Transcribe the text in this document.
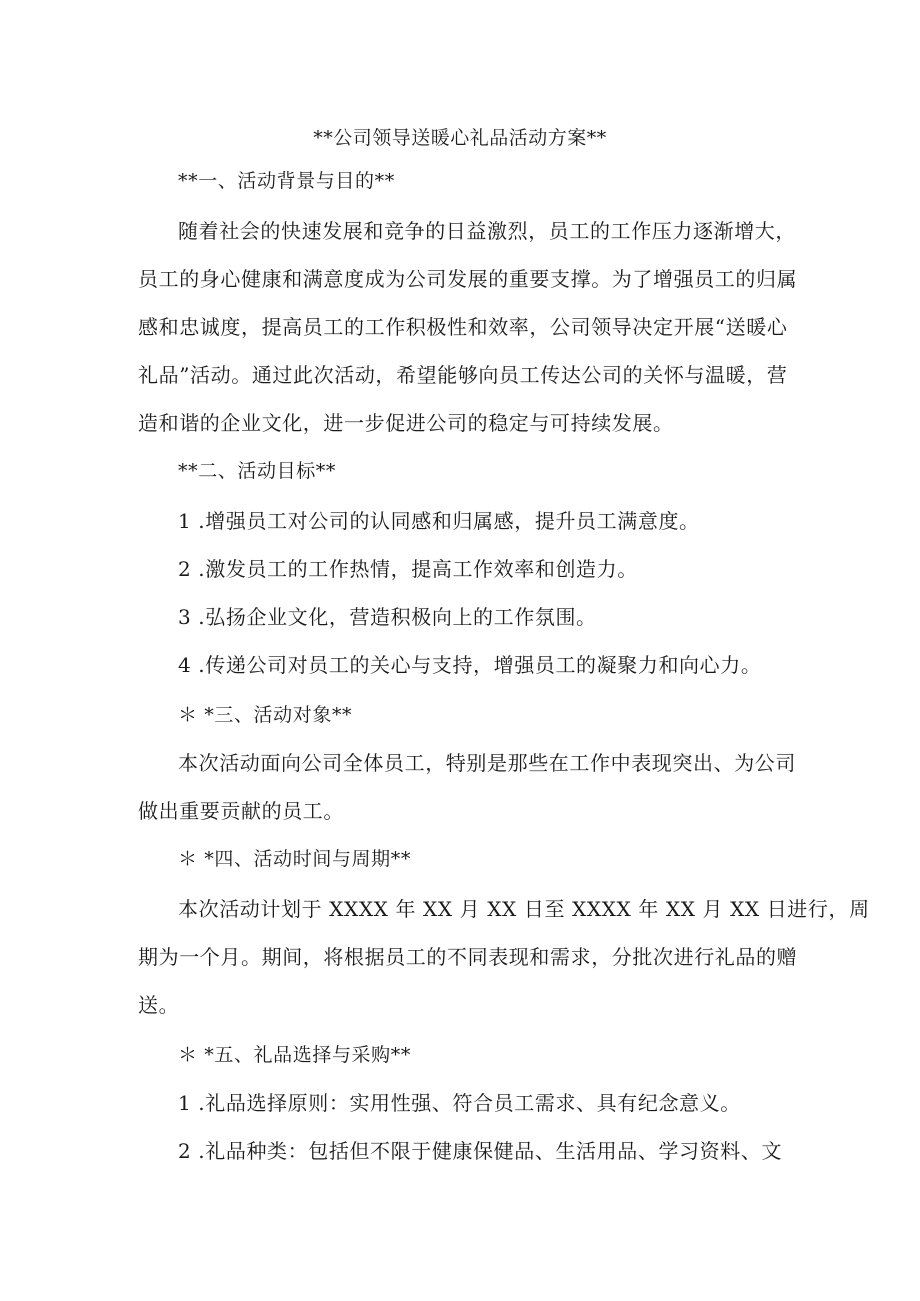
**公司领导送暖心礼品活动方案**
**一、活动背景与目的**
随着社会的快速发展和竞争的日益激烈，员工的工作压力逐渐增大，
员工的身心健康和满意度成为公司发展的重要支撑。为了增强员工的归属
感和忠诚度，提高员工的工作积极性和效率，公司领导决定开展“送暖心
礼品”活动。通过此次活动，希望能够向员工传达公司的关怀与温暖，营
造和谐的企业文化，进一步促进公司的稳定与可持续发展。
**二、活动目标**
1 .增强员工对公司的认同感和归属感，提升员工满意度。
2 .激发员工的工作热情，提高工作效率和创造力。
3 .弘扬企业文化，营造积极向上的工作氛围。
4 .传递公司对员工的关心与支持，增强员工的凝聚力和向心力。
＊ *三、活动对象**
本次活动面向公司全体员工，特别是那些在工作中表现突出、为公司
做出重要贡献的员工。
＊ *四、活动时间与周期**
本次活动计划于 XXXX 年 XX 月 XX 日至 XXXX 年 XX 月 XX 日进行，周
期为一个月。期间，将根据员工的不同表现和需求，分批次进行礼品的赠
送。
＊ *五、礼品选择与采购**
1 .礼品选择原则：实用性强、符合员工需求、具有纪念意义。
2 .礼品种类：包括但不限于健康保健品、生活用品、学习资料、文
